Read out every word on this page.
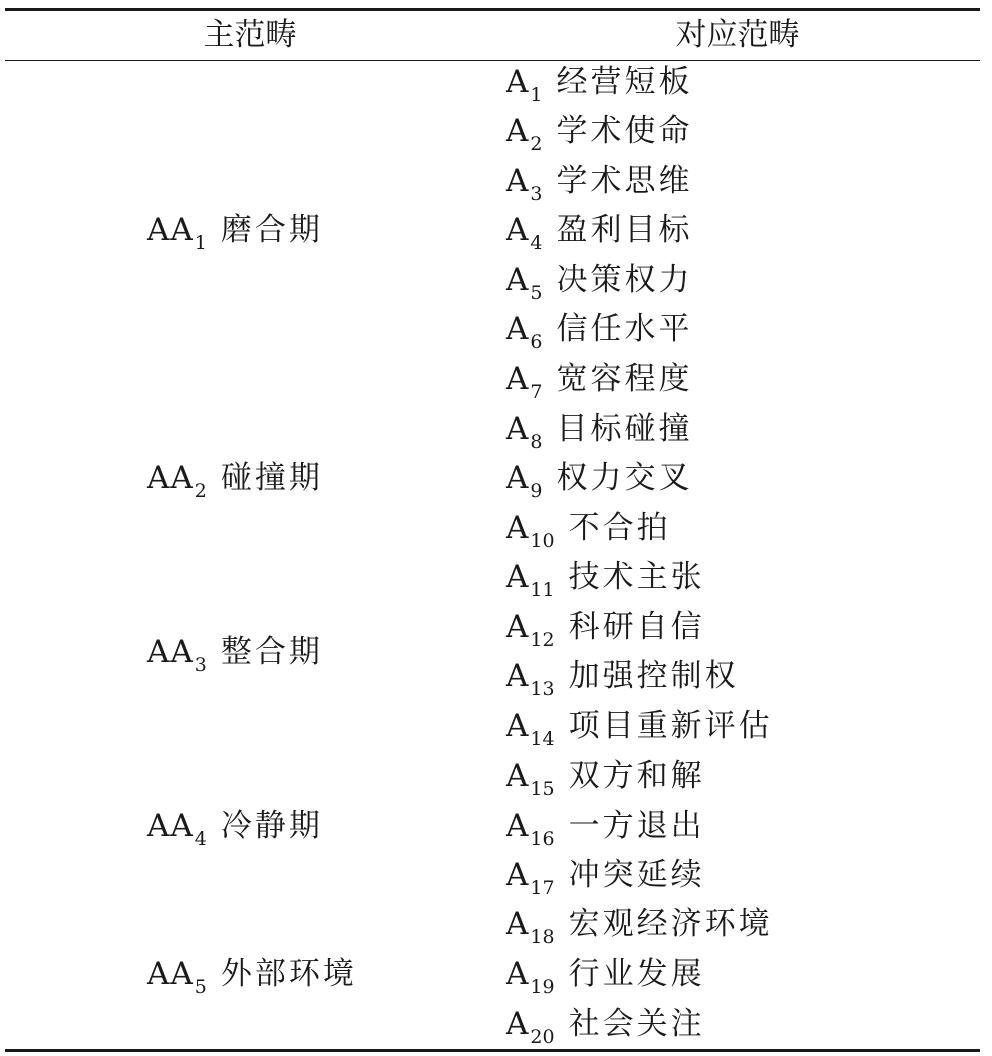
主范畴	对应范畴
$AA_1$ 磨合期
$AA_2$ 碰撞期
$AA_3$ 整合期
$AA_4$ 冷静期
$AA_5$ 外部环境
$A_1$ 经营短板
$A_2$ 学术使命
$A_3$ 学术思维
$A_4$ 盈利目标
$A_5$ 决策权力
$A_6$ 信任水平
$A_7$ 宽容程度
$A_8$ 目标碰撞
$A_9$ 权力交叉
$A_{10}$ 不合拍
$A_{11}$ 技术主张
$A_{12}$ 科研自信
$A_{13}$ 加强控制权
$A_{14}$ 项目重新评估
$A_{15}$ 双方和解
$A_{16}$ 一方退出
$A_{17}$ 冲突延续
$A_{18}$ 宏观经济环境
$A_{19}$ 行业发展
$A_{20}$ 社会关注
